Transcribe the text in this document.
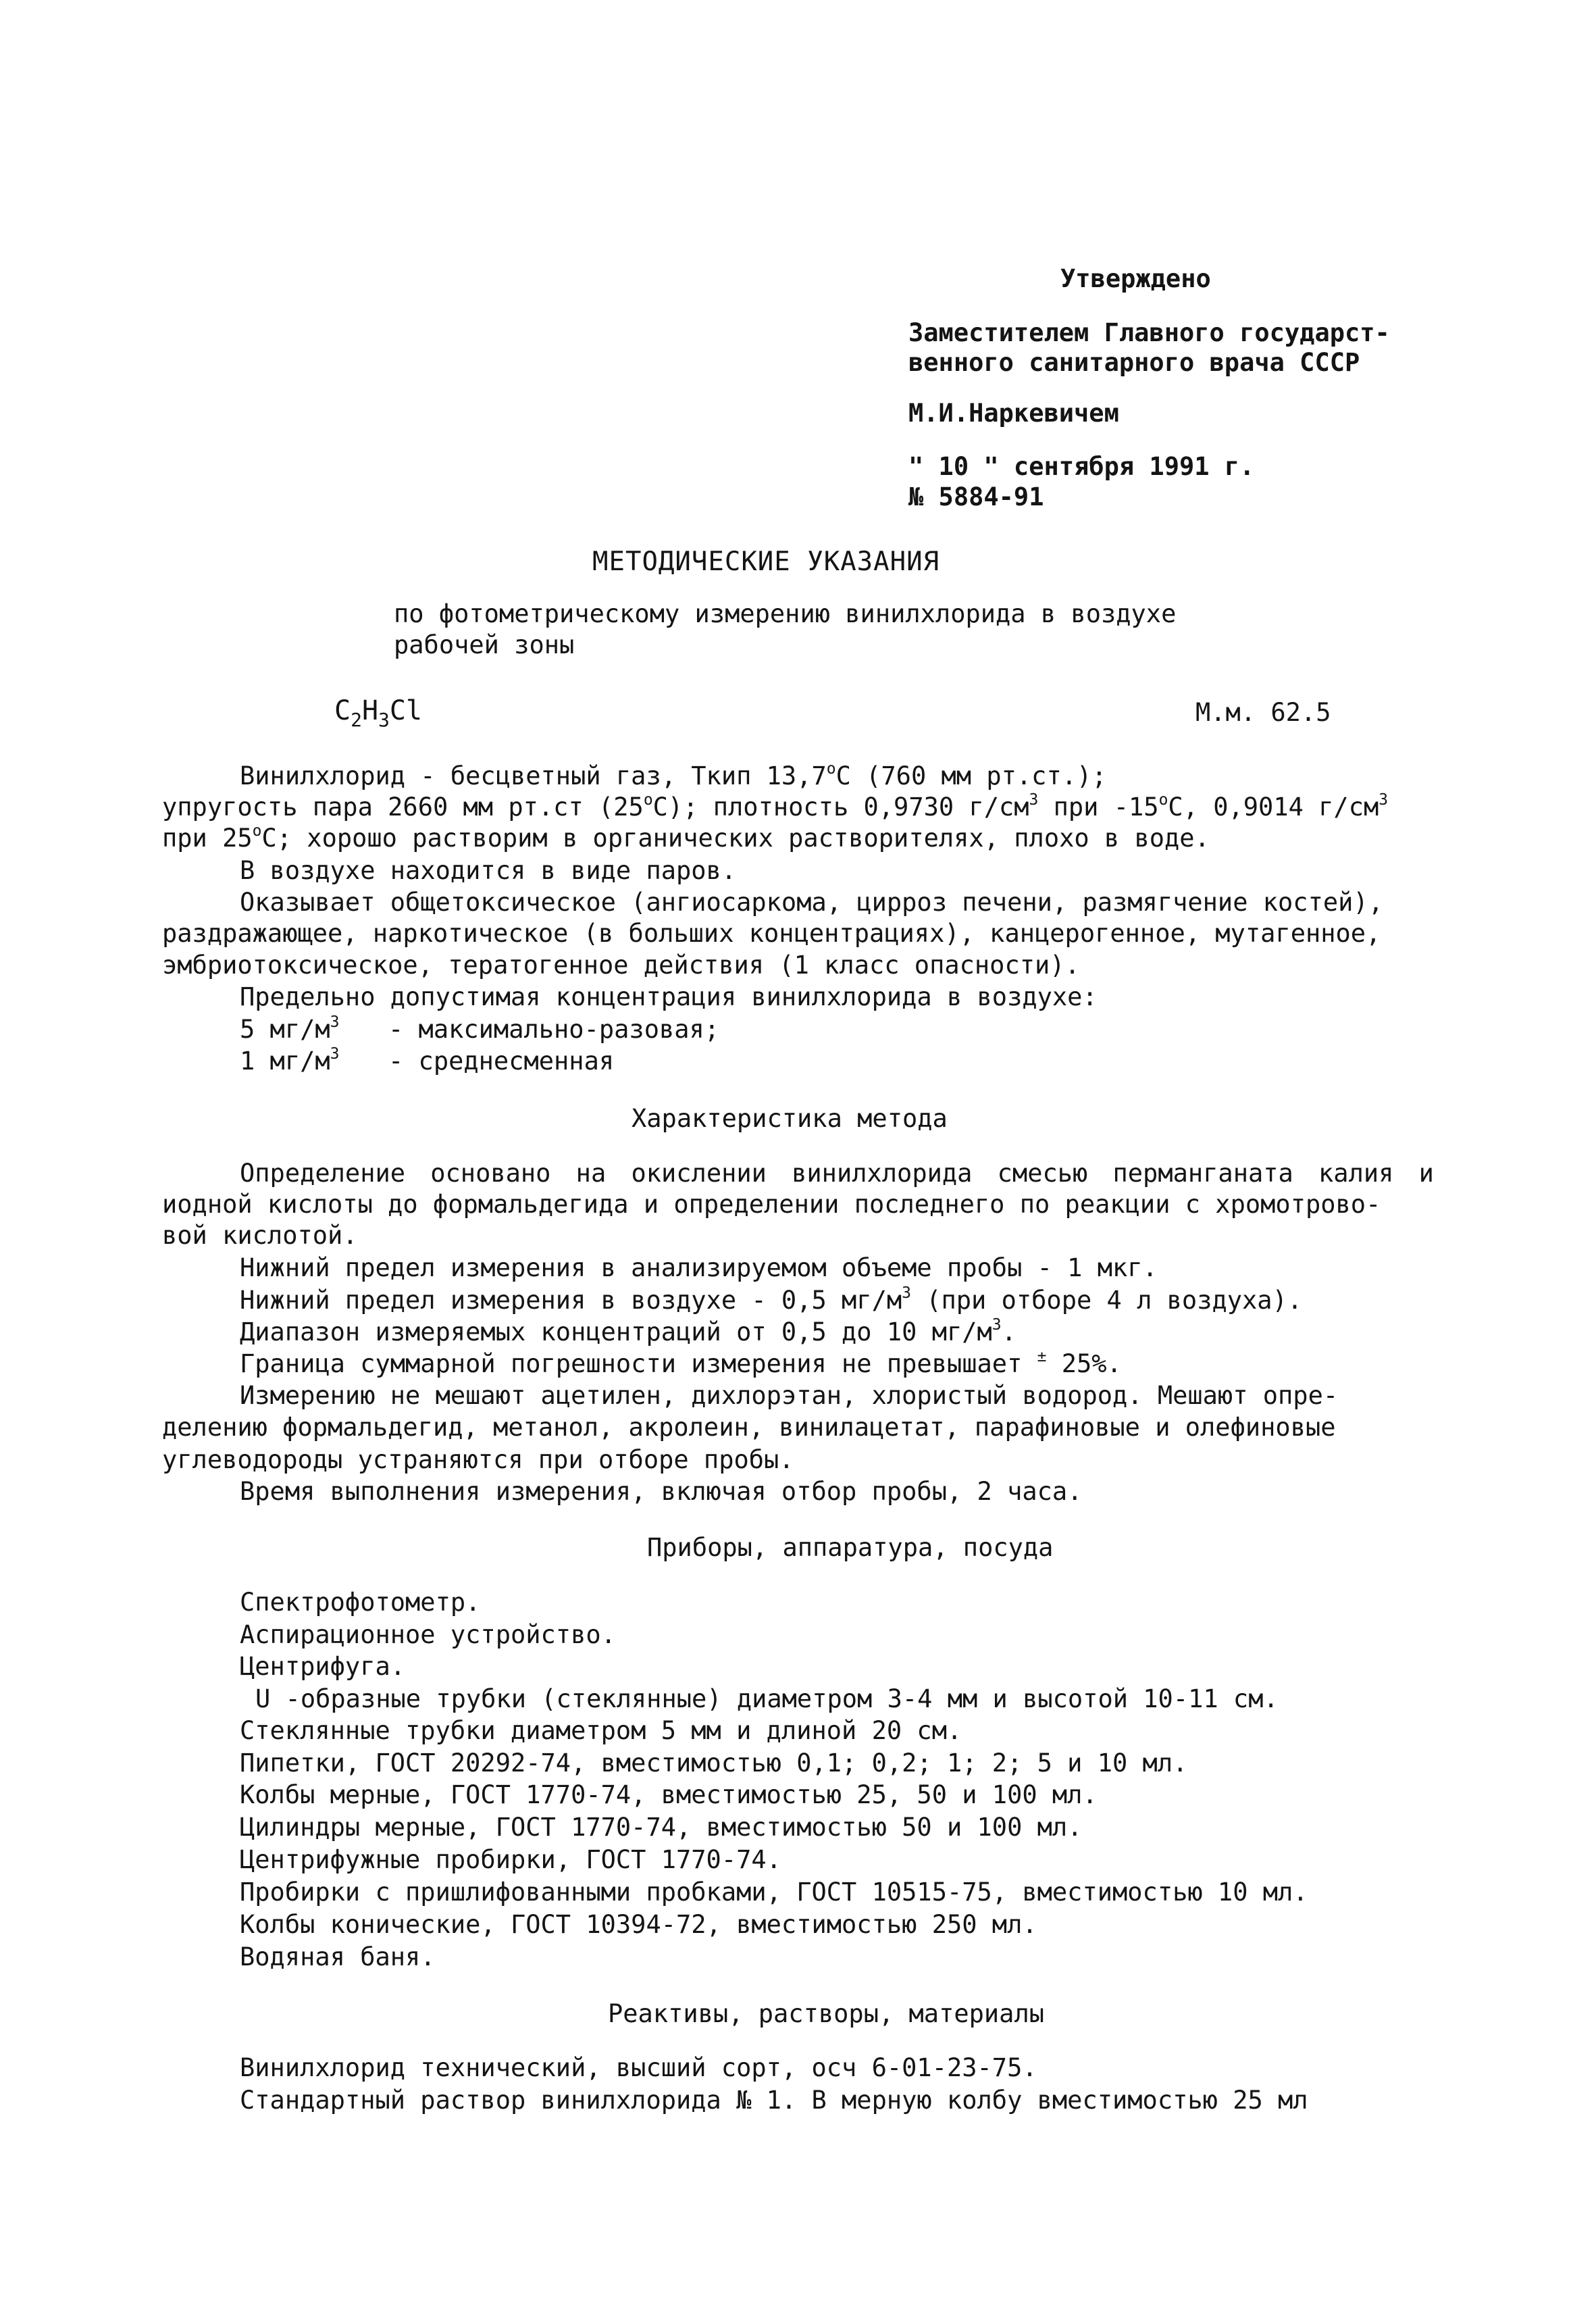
Утверждено
Заместителем Главного государст-
венного санитарного врача СССР
М.И.Наркевичем
" 10 " сентября 1991 г.
№ 5884-91
МЕТОДИЧЕСКИЕ УКАЗАНИЯ
по фотометрическому измерению винилхлорида в воздухе
рабочей зоны
$C_2H_3Cl$	М.м. 62.5
Винилхлорид - бесцветный газ, Ткип 13,7$^o$С (760 мм рт.ст.);
упругость пара 2660 мм рт.ст (25$^o$С); плотность 0,9730 $г/см^3$ при -15$^o$С, 0,9014 $г/см^3$
при 25$^o$С; хорошо растворим в органических растворителях, плохо в воде.
В воздухе находится в виде паров.
Оказывает общетоксическое (ангиосаркома, цирроз печени, размягчение костей),
раздражающее, наркотическое (в больших концентрациях), канцерогенное, мутагенное,
эмбриотоксическое, тератогенное действия (1 класс опасности).
Предельно допустимая концентрация винилхлорида в воздухе:
5 $мг/м^3$ - максимально-разовая;
1 $мг/м^3$ - среднесменная
Характеристика метода
Определение основано на окислении винилхлорида смесью перманганата калия и
иодной кислоты до формальдегида и определении последнего по реакции с хромотрово-
вой кислотой.
Нижний предел измерения в анализируемом объеме пробы - 1 мкг.
Нижний предел измерения в воздухе - 0,5 $мг/м^3$ (при отборе 4 л воздуха).
Диапазон измеряемых концентраций от 0,5 до 10 $мг/м^3$.
Граница суммарной погрешности измерения не превышает ± 25%.
Измерению не мешают ацетилен, дихлорэтан, хлористый водород. Мешают опре-
делению формальдегид, метанол, акролеин, винилацетат, парафиновые и олефиновые
углеводороды устраняются при отборе пробы.
Время выполнения измерения, включая отбор пробы, 2 часа.
Приборы, аппаратура, посуда
Спектрофотометр.
Аспирационное устройство.
Центрифуга.
U -образные трубки (стеклянные) диаметром 3-4 мм и высотой 10-11 см.
Стеклянные трубки диаметром 5 мм и длиной 20 см.
Пипетки, ГОСТ 20292-74, вместимостью 0,1; 0,2; 1; 2; 5 и 10 мл.
Колбы мерные, ГОСТ 1770-74, вместимостью 25, 50 и 100 мл.
Цилиндры мерные, ГОСТ 1770-74, вместимостью 50 и 100 мл.
Центрифужные пробирки, ГОСТ 1770-74.
Пробирки с пришлифованными пробками, ГОСТ 10515-75, вместимостью 10 мл.
Колбы конические, ГОСТ 10394-72, вместимостью 250 мл.
Водяная баня.
Реактивы, растворы, материалы
Винилхлорид технический, высший сорт, осч 6-01-23-75.
Стандартный раствор винилхлорида № 1. В мерную колбу вместимостью 25 мл
